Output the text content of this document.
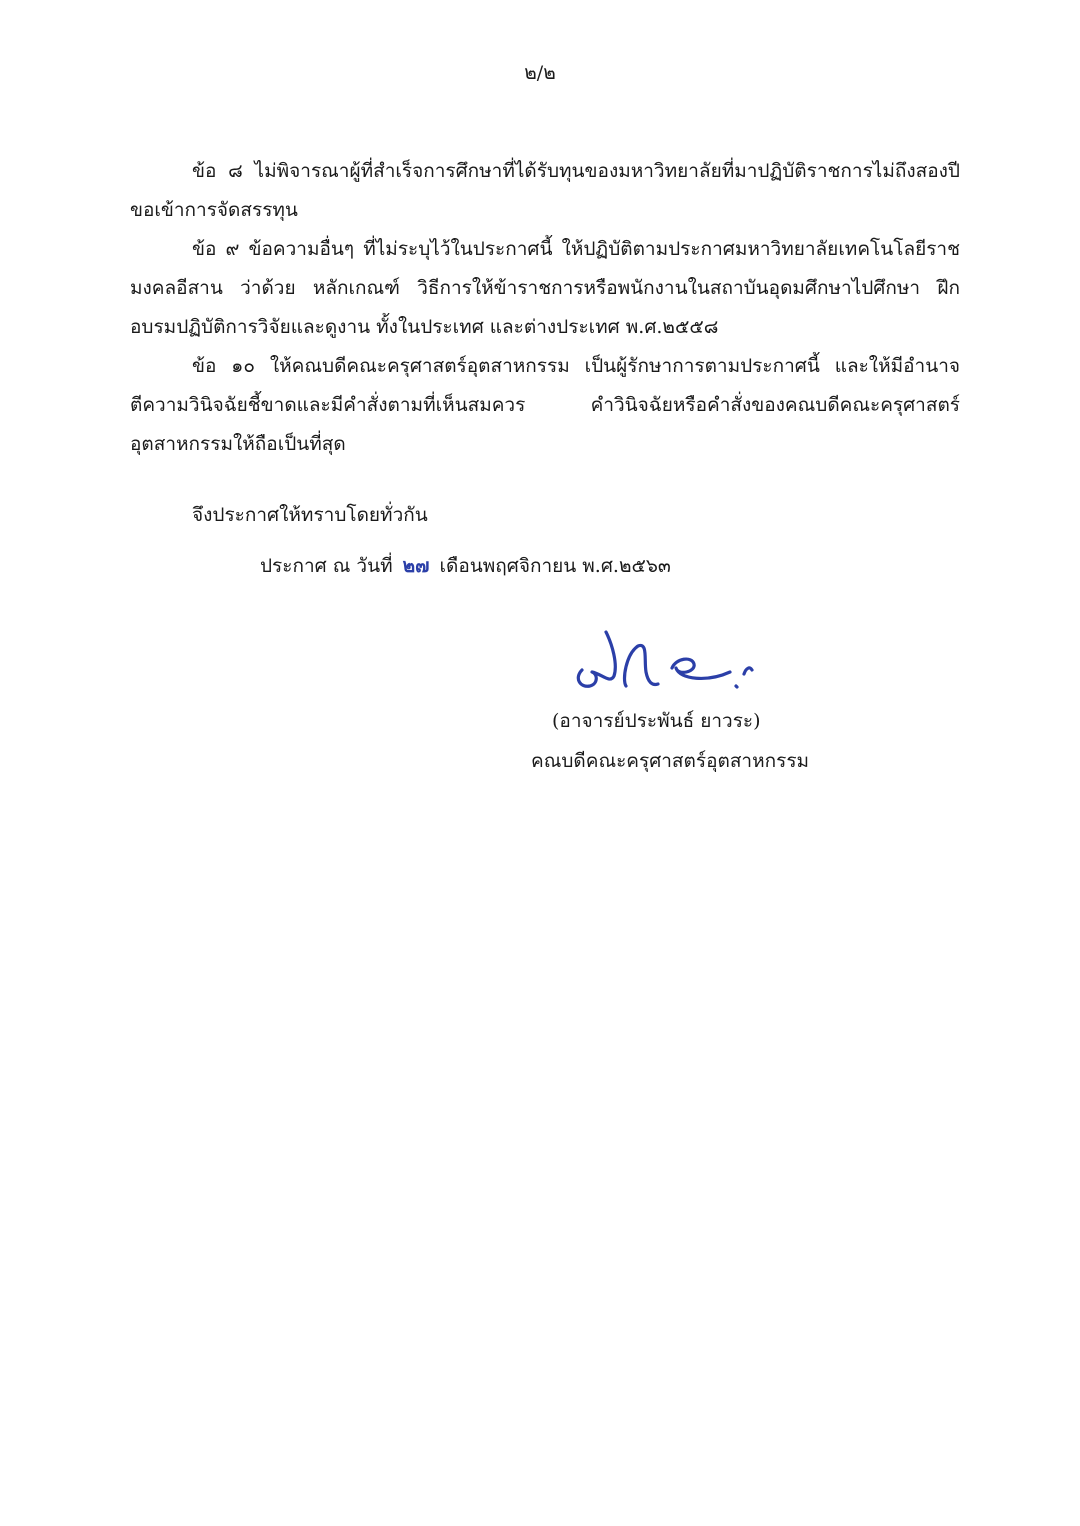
๒/๒

ข้อ ๘ ไม่พิจารณาผู้ที่สำเร็จการศึกษาที่ได้รับทุนของมหาวิทยาลัยที่มาปฏิบัติราชการไม่ถึงสองปีขอเข้าการจัดสรรทุน

ข้อ ๙ ข้อความอื่นๆ ที่ไม่ระบุไว้ในประกาศนี้ ให้ปฏิบัติตามประกาศมหาวิทยาลัยเทคโนโลยีราชมงคลอีสาน ว่าด้วย หลักเกณฑ์ วิธีการให้ข้าราชการหรือพนักงานในสถาบันอุดมศึกษาไปศึกษา ฝึกอบรมปฏิบัติการวิจัยและดูงาน ทั้งในประเทศ และต่างประเทศ พ.ศ.๒๕๕๘

ข้อ ๑๐ ให้คณบดีคณะครุศาสตร์อุตสาหกรรม เป็นผู้รักษาการตามประกาศนี้ และให้มีอำนาจตีความวินิจฉัยชี้ขาดและมีคำสั่งตามที่เห็นสมควร คำวินิจฉัยหรือคำสั่งของคณบดีคณะครุศาสตร์อุตสาหกรรมให้ถือเป็นที่สุด

จึงประกาศให้ทราบโดยทั่วกัน
ประกาศ ณ วันที่ ๒๗ เดือนพฤศจิกายน พ.ศ.๒๕๖๓
(อาจารย์ประพันธ์ ยาวระ)
คณบดีคณะครุศาสตร์อุตสาหกรรม
